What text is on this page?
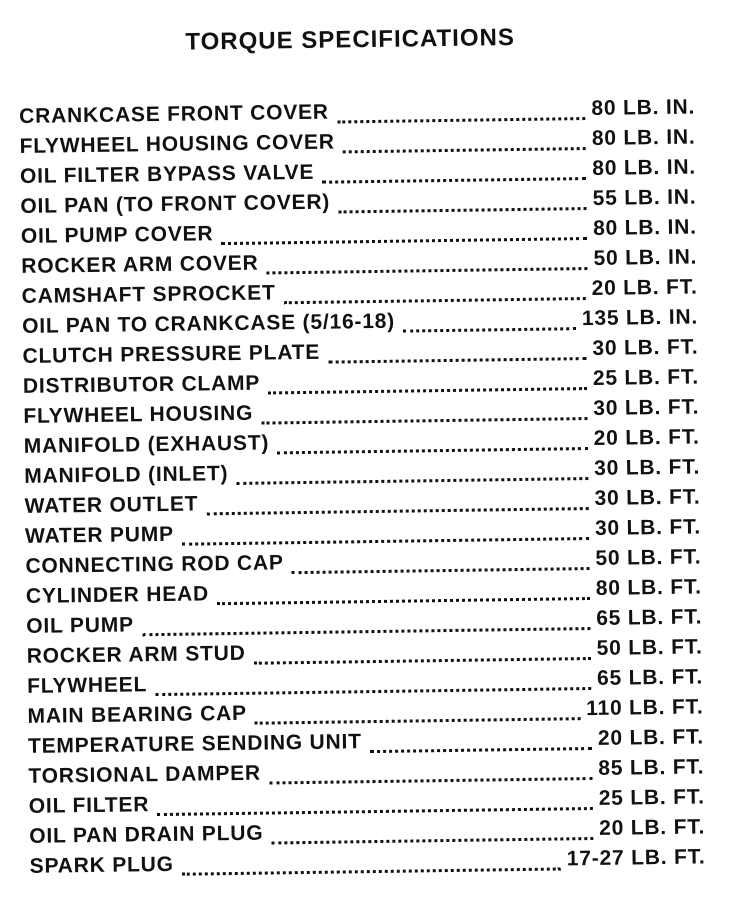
TORQUE SPECIFICATIONS
CRANKCASE FRONT COVER	80 LB. IN.
FLYWHEEL HOUSING COVER	80 LB. IN.
OIL FILTER BYPASS VALVE	80 LB. IN.
OIL PAN (TO FRONT COVER)	55 LB. IN.
OIL PUMP COVER	80 LB. IN.
ROCKER ARM COVER	50 LB. IN.
CAMSHAFT SPROCKET	20 LB. FT.
OIL PAN TO CRANKCASE (5/16-18)	135 LB. IN.
CLUTCH PRESSURE PLATE	30 LB. FT.
DISTRIBUTOR CLAMP	25 LB. FT.
FLYWHEEL HOUSING	30 LB. FT.
MANIFOLD (EXHAUST)	20 LB. FT.
MANIFOLD (INLET)	30 LB. FT.
WATER OUTLET	30 LB. FT.
WATER PUMP	30 LB. FT.
CONNECTING ROD CAP	50 LB. FT.
CYLINDER HEAD	80 LB. FT.
OIL PUMP	65 LB. FT.
ROCKER ARM STUD	50 LB. FT.
FLYWHEEL	65 LB. FT.
MAIN BEARING CAP	110 LB. FT.
TEMPERATURE SENDING UNIT	20 LB. FT.
TORSIONAL DAMPER	85 LB. FT.
OIL FILTER	25 LB. FT.
OIL PAN DRAIN PLUG	20 LB. FT.
SPARK PLUG	17-27 LB. FT.
